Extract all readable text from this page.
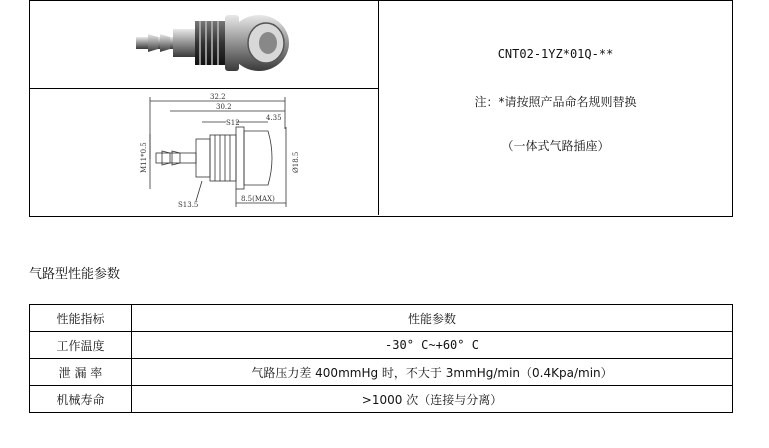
32.2
30.2
S12
4.35
M11*0.5	Ø18.5
S13.5
8.5(MAX)
CNT02-1YZ*01Q-**
注：*请按照产品命名规则替换
（一体式气路插座）
气路型性能参数
性能指标	性能参数
工作温度	-30° C~+60° C
泄 漏 率	气路压力差 400mmHg 时，不大于 3mmHg/min（0.4Kpa/min）
机械寿命	>1000 次（连接与分离）
